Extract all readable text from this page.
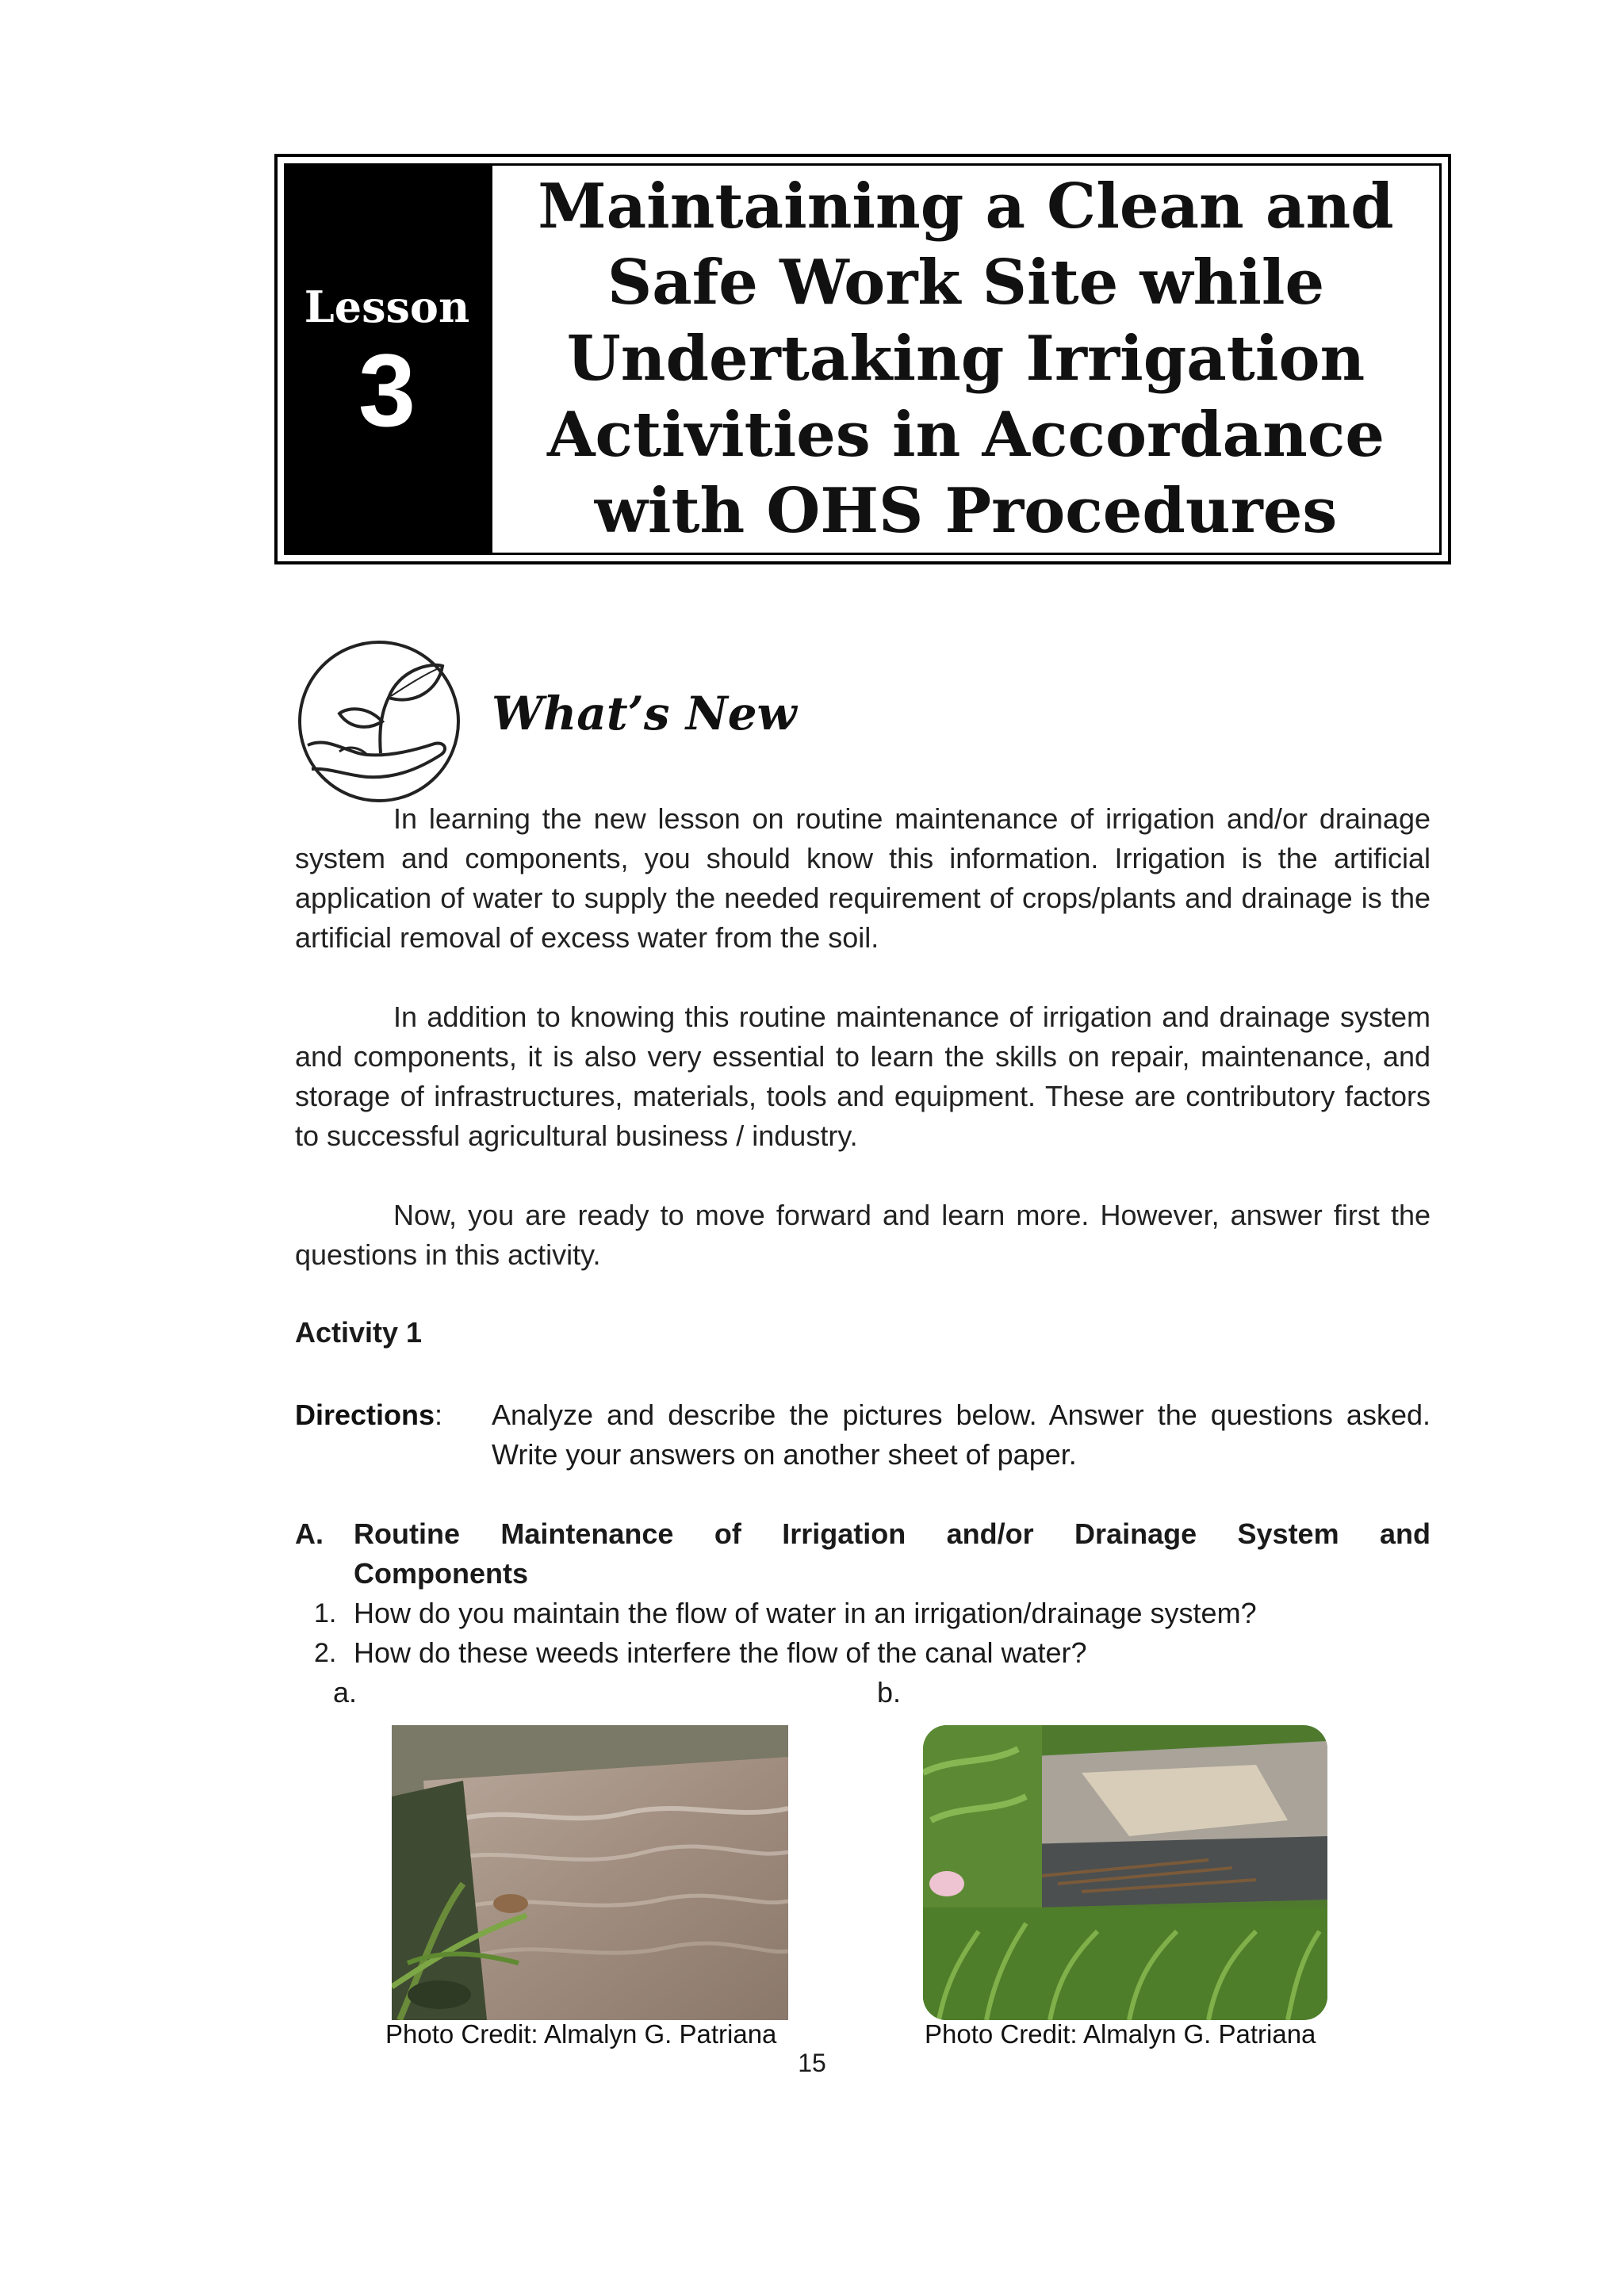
Lesson
3
Maintaining a Clean and
Safe Work Site while
Undertaking Irrigation
Activities in Accordance
with OHS Procedures
What’s New

In learning the new lesson on routine maintenance of irrigation and/or drainage system and components, you should know this information. Irrigation is the artificial application of water to supply the needed requirement of crops/plants and drainage is the artificial removal of excess water from the soil.

In addition to knowing this routine maintenance of irrigation and drainage system and components, it is also very essential to learn the skills on repair, maintenance, and storage of infrastructures, materials, tools and equipment. These are contributory factors to successful agricultural business / industry.

Now, you are ready to move forward and learn more. However, answer first the questions in this activity.

Activity 1

Directions: Analyze and describe the pictures below. Answer the questions asked. Write your answers on another sheet of paper.

A. Routine Maintenance of Irrigation and/or Drainage System and

Components

1. How do you maintain the flow of water in an irrigation/drainage system?
2. How do these weeds interfere the flow of the canal water?
a.	b.
Photo Credit: Almalyn G. Patriana	Photo Credit: Almalyn G. Patriana
15
